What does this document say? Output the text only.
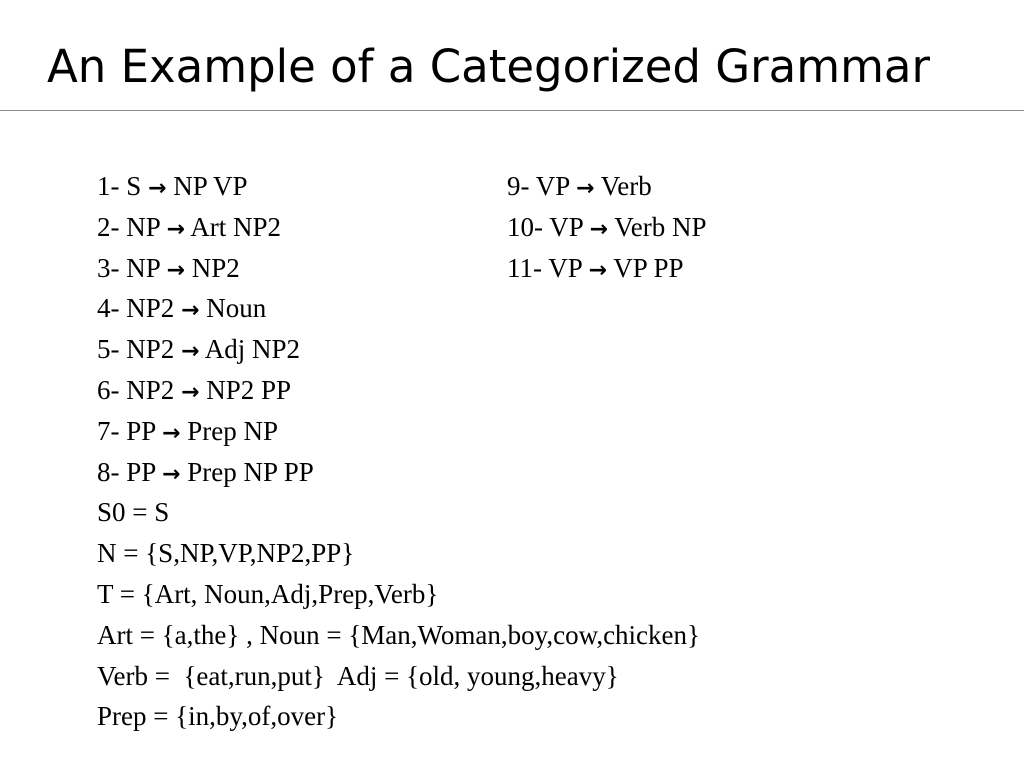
An Example of a Categorized Grammar
1- S → NP VP
2- NP → Art NP2
3- NP → NP2
4- NP2 → Noun
5- NP2 → Adj NP2
6- NP2 → NP2 PP
7- PP → Prep NP
8- PP → Prep NP PP
S0 = S
N = {S,NP,VP,NP2,PP}
T = {Art, Noun,Adj,Prep,Verb}
Art = {a,the} , Noun = {Man,Woman,boy,cow,chicken}
Verb =  {eat,run,put}  Adj = {old, young,heavy}
Prep = {in,by,of,over}
9- VP → Verb
10- VP → Verb NP
11- VP → VP PP
